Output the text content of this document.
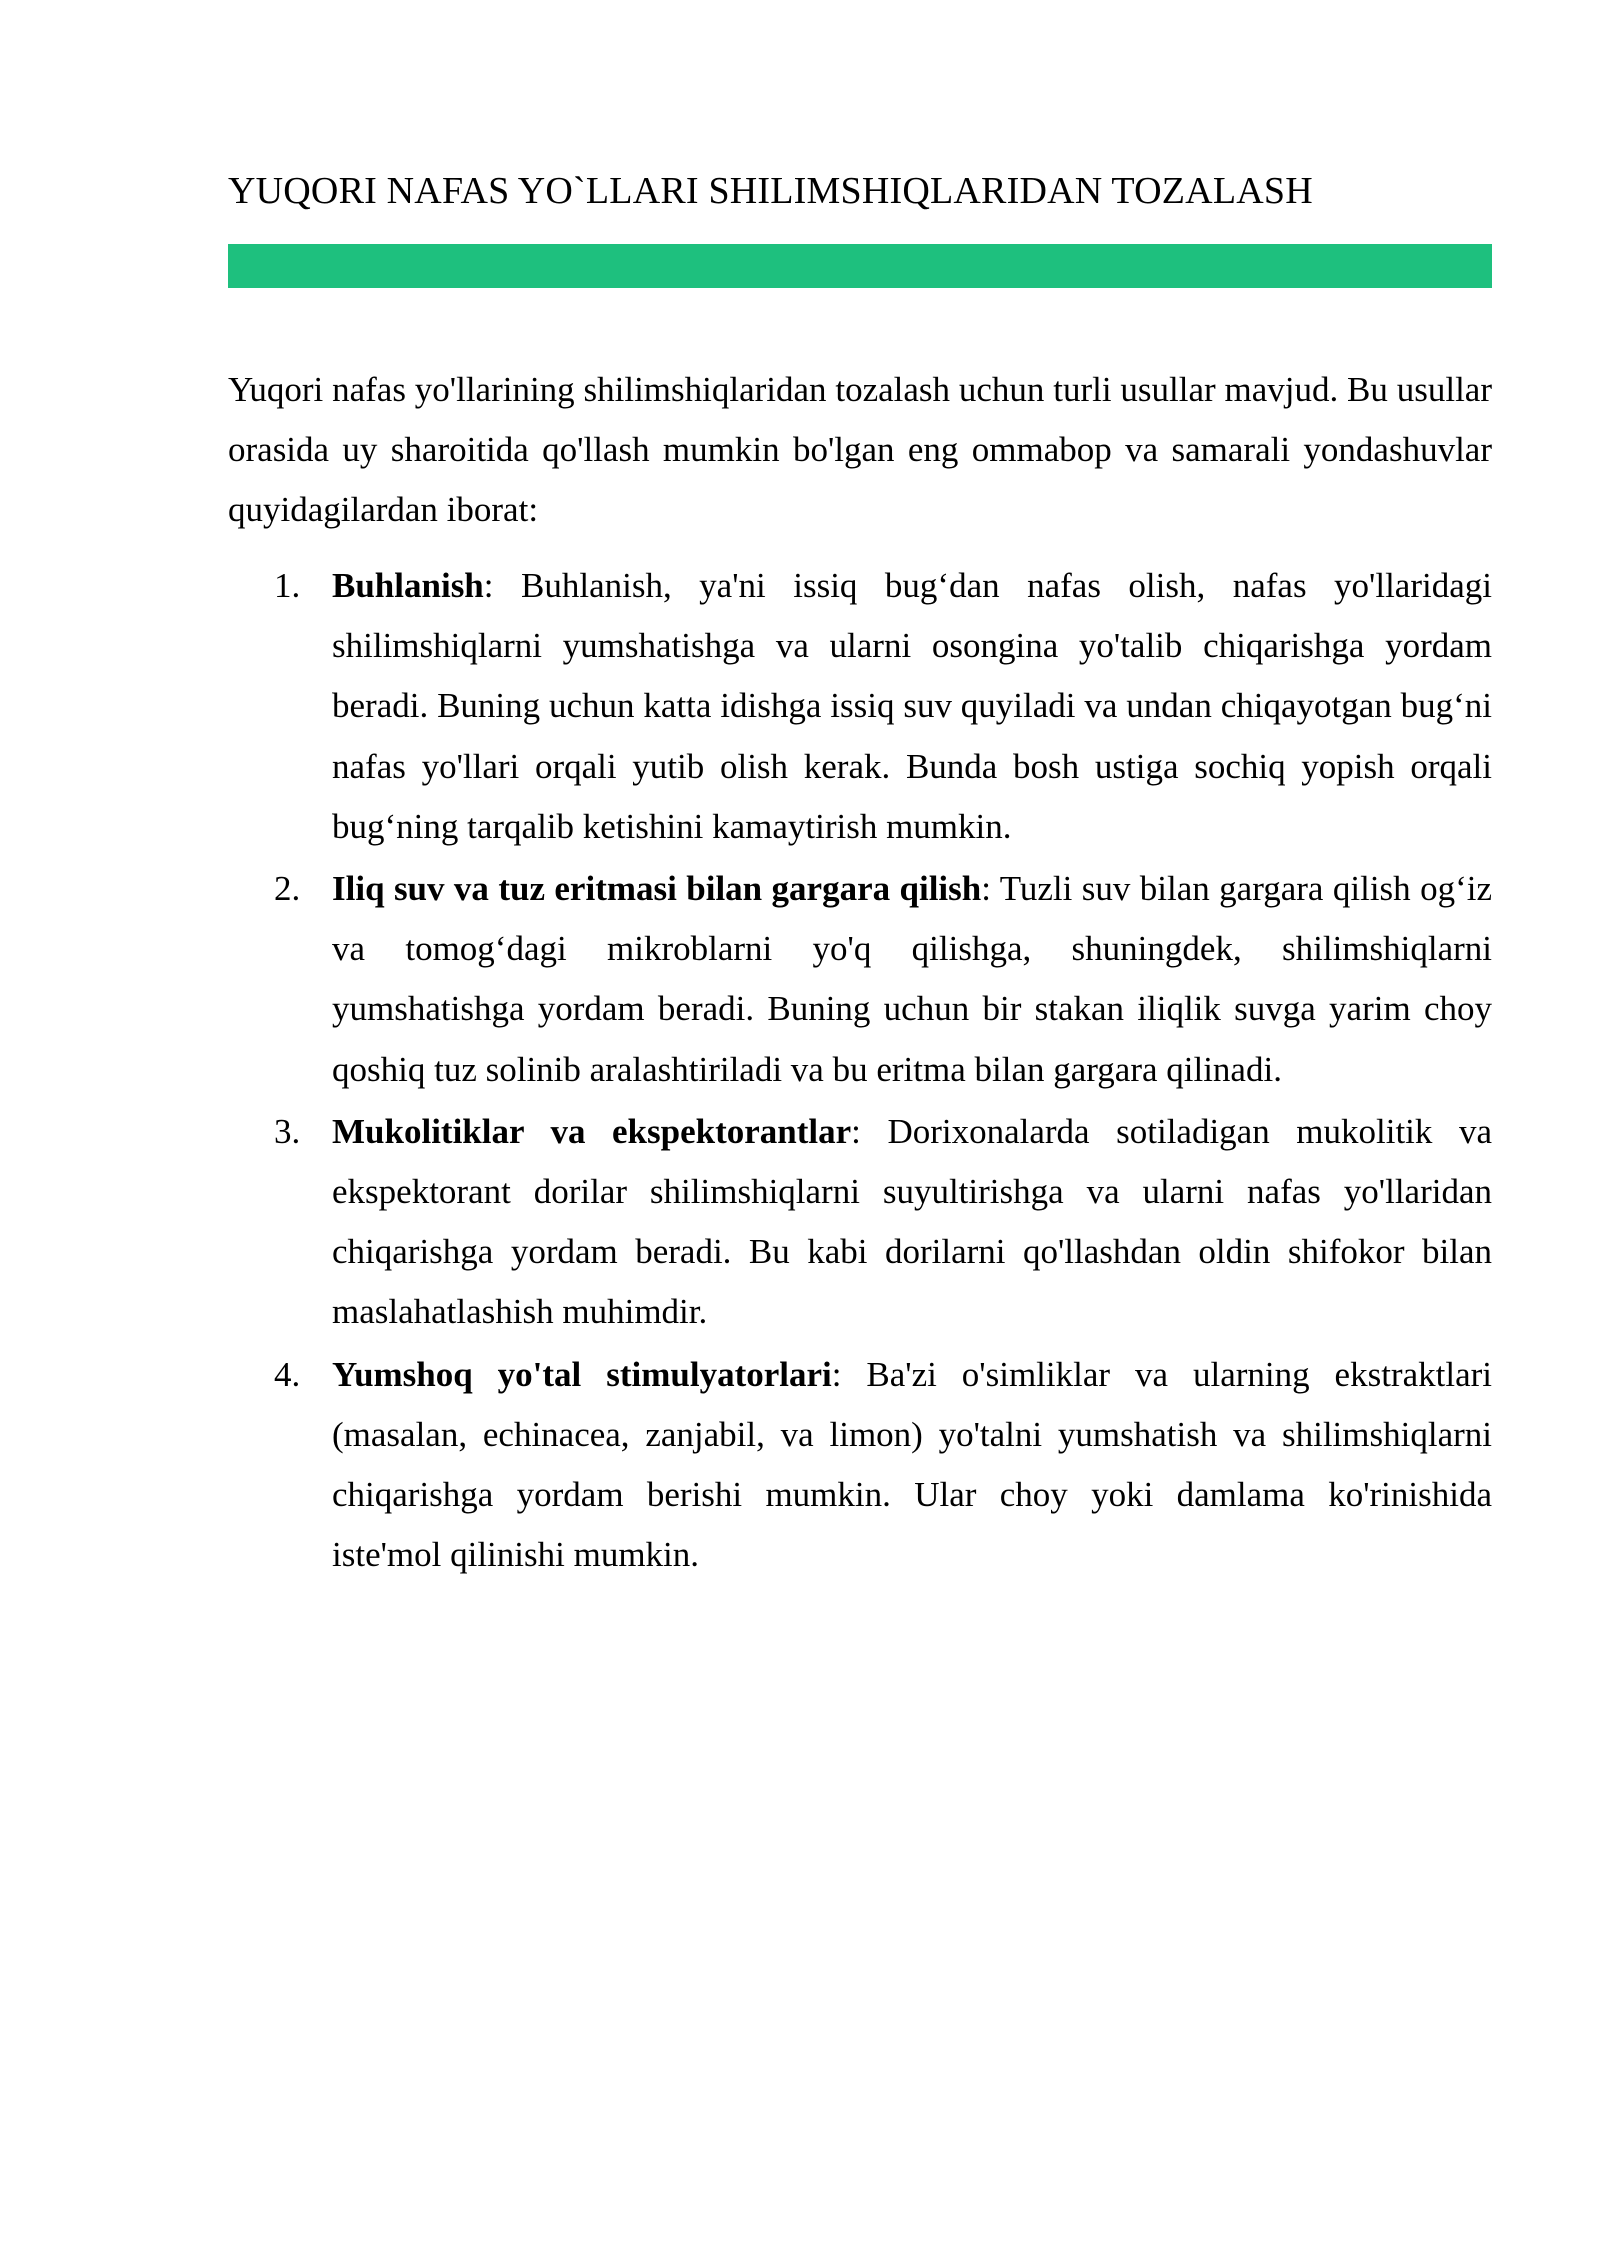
YUQORI NAFAS YO`LLARI SHILIMSHIQLARIDAN TOZALASH

Yuqori nafas yo'llarining shilimshiqlaridan tozalash uchun turli usullar mavjud. Bu usullar orasida uy sharoitida qo'llash mumkin bo'lgan eng ommabop va samarali yondashuvlar quyidagilardan iborat:

Buhlanish: Buhlanish, ya'ni issiq bug‘dan nafas olish, nafas yo'llaridagi shilimshiqlarni yumshatishga va ularni osongina yo'talib chiqarishga yordam beradi. Buning uchun katta idishga issiq suv quyiladi va undan chiqayotgan bug‘ni nafas yo'llari orqali yutib olish kerak. Bunda bosh ustiga sochiq yopish orqali bug‘ning tarqalib ketishini kamaytirish mumkin.
Iliq suv va tuz eritmasi bilan gargara qilish: Tuzli suv bilan gargara qilish og‘iz va tomog‘dagi mikroblarni yo'q qilishga, shuningdek, shilimshiqlarni yumshatishga yordam beradi. Buning uchun bir stakan iliqlik suvga yarim choy qoshiq tuz solinib aralashtiriladi va bu eritma bilan gargara qilinadi.
Mukolitiklar va ekspektorantlar: Dorixonalarda sotiladigan mukolitik va ekspektorant dorilar shilimshiqlarni suyultirishga va ularni nafas yo'llaridan chiqarishga yordam beradi. Bu kabi dorilarni qo'llashdan oldin shifokor bilan maslahatlashish muhimdir.
Yumshoq yo'tal stimulyatorlari: Ba'zi o'simliklar va ularning ekstraktlari (masalan, echinacea, zanjabil, va limon) yo'talni yumshatish va shilimshiqlarni chiqarishga yordam berishi mumkin. Ular choy yoki damlama ko'rinishida iste'mol qilinishi mumkin.
